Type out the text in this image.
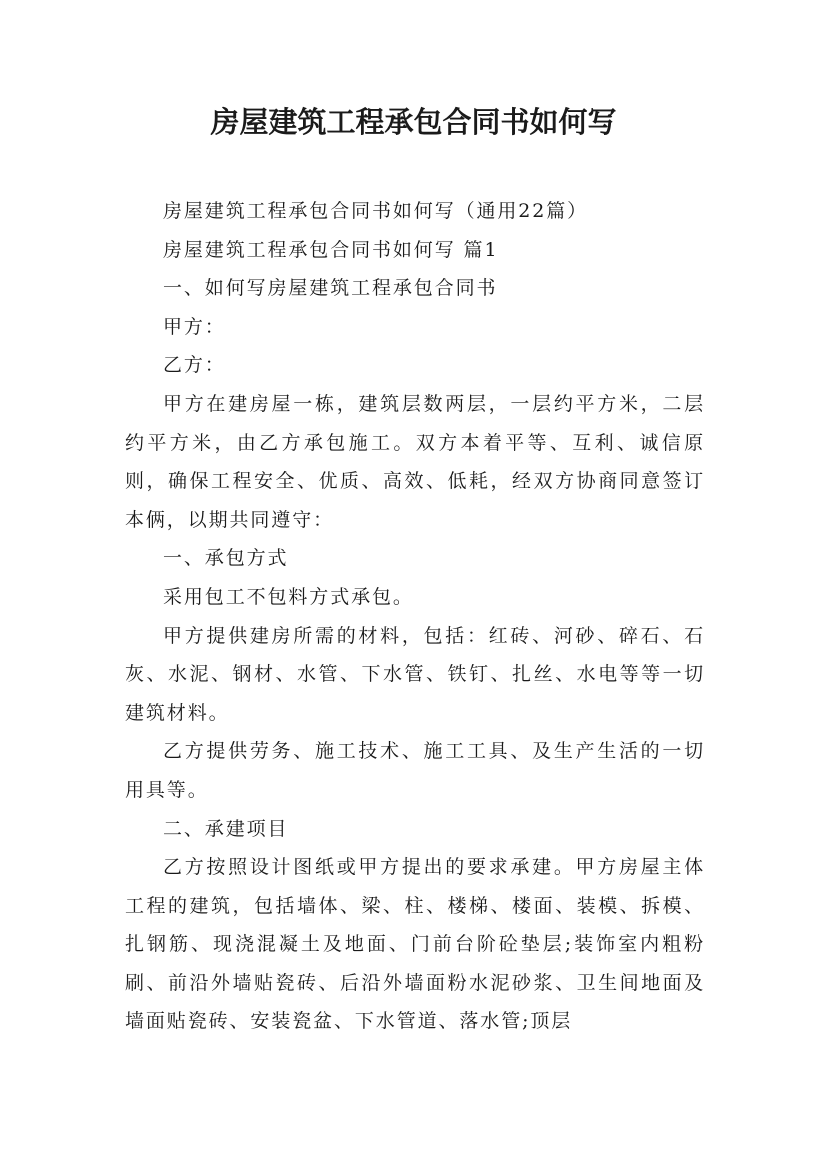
房屋建筑工程承包合同书如何写

房屋建筑工程承包合同书如何写（通用22篇）

房屋建筑工程承包合同书如何写 篇1

一、如何写房屋建筑工程承包合同书

甲方：

乙方：

甲方在建房屋一栋，建筑层数两层，一层约平方米，二层约平方米，由乙方承包施工。双方本着平等、互利、诚信原则，确保工程安全、优质、高效、低耗，经双方协商同意签订本俩，以期共同遵守：

一、承包方式

采用包工不包料方式承包。

甲方提供建房所需的材料，包括：红砖、河砂、碎石、石灰、水泥、钢材、水管、下水管、铁钉、扎丝、水电等等一切建筑材料。

乙方提供劳务、施工技术、施工工具、及生产生活的一切用具等。

二、承建项目

乙方按照设计图纸或甲方提出的要求承建。甲方房屋主体工程的建筑，包括墙体、梁、柱、楼梯、楼面、装模、拆模、扎钢筋、现浇混凝土及地面、门前台阶砼垫层;装饰室内粗粉刷、前沿外墙贴瓷砖、后沿外墙面粉水泥砂浆、卫生间地面及墙面贴瓷砖、安装瓷盆、下水管道、落水管;顶层
